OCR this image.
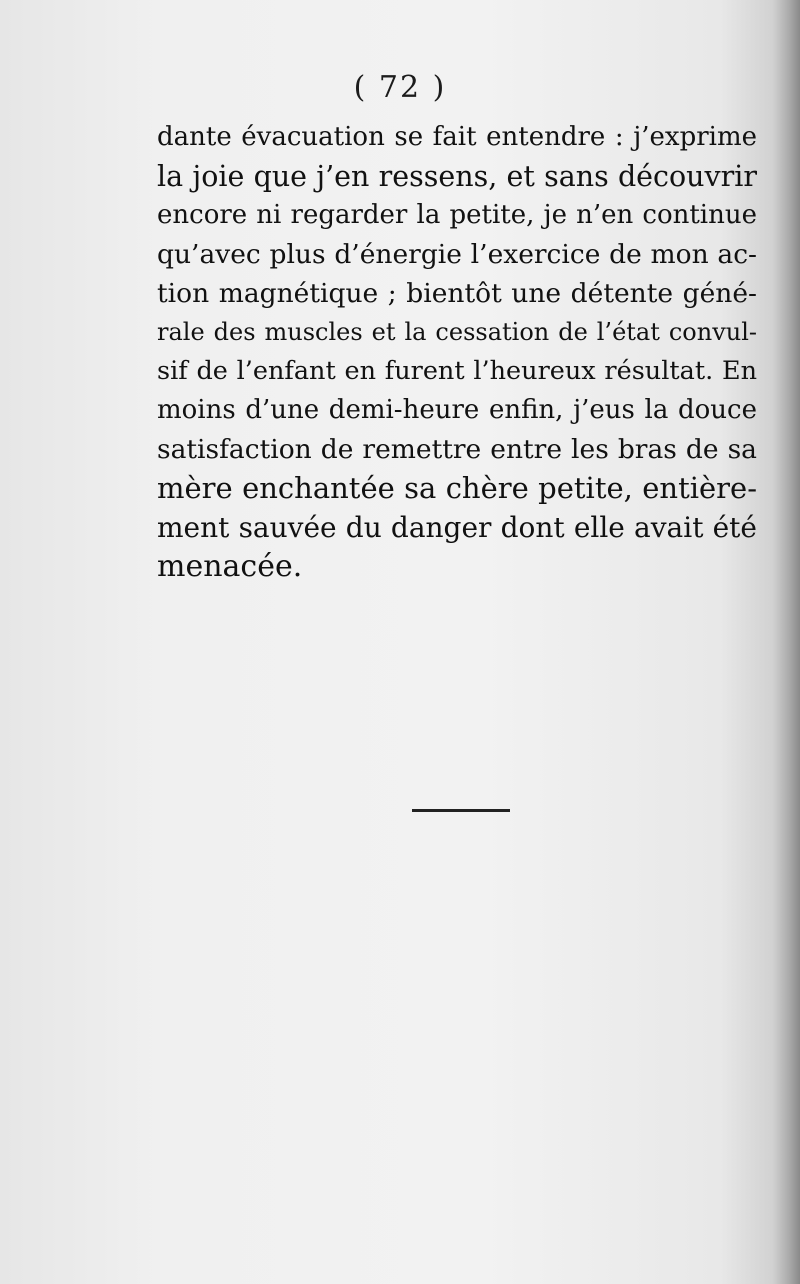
( 72 )
dante évacuation se fait entendre : j’exprime
la joie que j’en ressens, et sans découvrir
encore ni regarder la petite, je n’en continue
qu’avec plus d’énergie l’exercice de mon ac-
tion magnétique ; bientôt une détente géné-
rale des muscles et la cessation de l’état convul-
sif de l’enfant en furent l’heureux résultat. En
moins d’une demi-heure enfin, j’eus la douce
satisfaction de remettre entre les bras de sa
mère enchantée sa chère petite, entière-
ment sauvée du danger dont elle avait été
menacée.
